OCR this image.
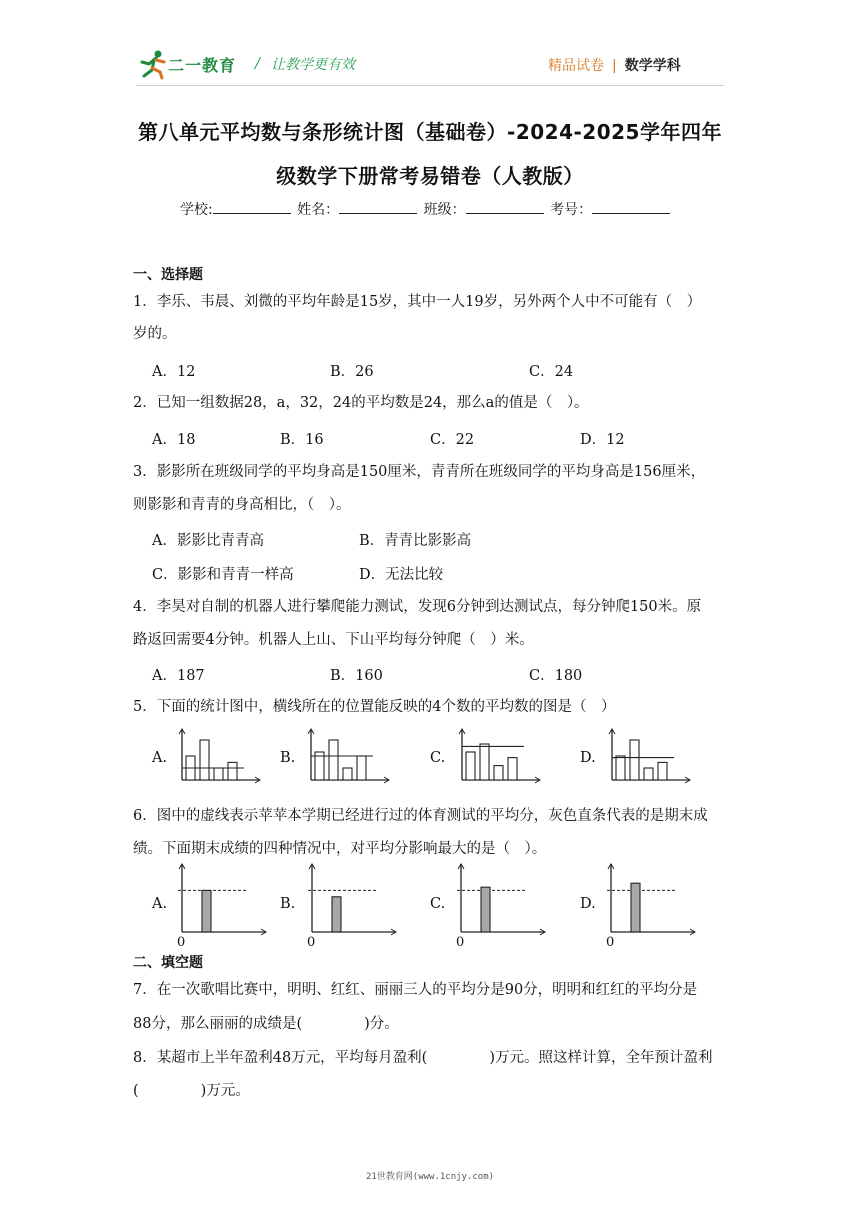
二一教育 / 让教学更有效	精品试卷 | 数学学科
第八单元平均数与条形统计图（基础卷）-2024-2025学年四年
级数学下册常考易错卷（人教版）
学校:	姓名：	班级：	考号：
一、选择题
1．李乐、韦晨、刘微的平均年龄是15岁，其中一人19岁，另外两个人中不可能有（　）
岁的。
A．12	B．26	C．24
2．已知一组数据28，a，32，24的平均数是24，那么a的值是（　）。
A．18	B．16	C．22	D．12
3．影影所在班级同学的平均身高是150厘米，青青所在班级同学的平均身高是156厘米，
则影影和青青的身高相比，（　）。
A．影影比青青高	B．青青比影影高
C．影影和青青一样高	D．无法比较
4．李昊对自制的机器人进行攀爬能力测试，发现6分钟到达测试点，每分钟爬150米。原
路返回需要4分钟。机器人上山、下山平均每分钟爬（　）米。
A．187	B．160	C．180
5．下面的统计图中，横线所在的位置能反映的4个数的平均数的图是（　）
A.	B.	C.	D.
6．图中的虚线表示苹苹本学期已经进行过的体育测试的平均分，灰色直条代表的是期末成
绩。下面期末成绩的四种情况中，对平均分影响最大的是（　）。
A.	B.	C.	D.
0	0	0	0
二、填空题
7．在一次歌唱比赛中，明明、红红、丽丽三人的平均分是90分，明明和红红的平均分是
88分，那么丽丽的成绩是(	)分。
8．某超市上半年盈利48万元，平均每月盈利(	)万元。照这样计算，全年预计盈利
(	)万元。
21世教育网(www.1cnjy.com)
